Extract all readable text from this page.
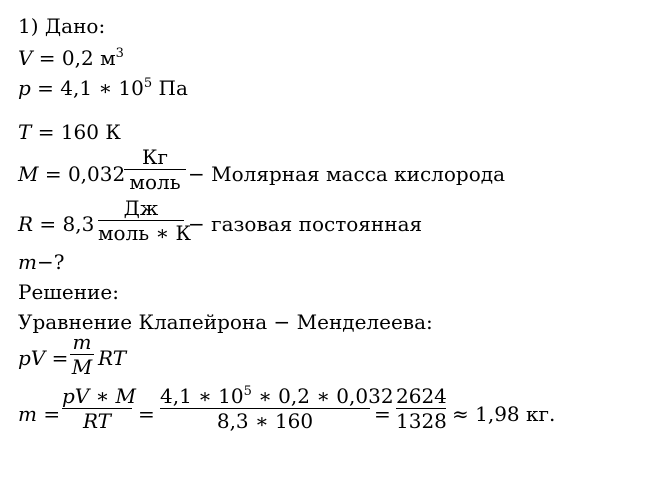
1) Дано:
V = 0,2 $м^3$
p = 4,1 ∗ $10^5$ Па
T = 160 К
M = 0,032
Кг
моль − Молярная масса кислорода
R = 8,3
Дж
моль ∗ К
− газовая постоянная
m−?
Решение:
Уравнение Клапейрона − Менделеева:
pV =
m
M RT
m =
pV ∗ M
RT	=
4,1 ∗ $10^5$ ∗ 0,2 ∗ 0,032
8,3 ∗ 160	=
2624
1328 ≈ 1,98 кг.
